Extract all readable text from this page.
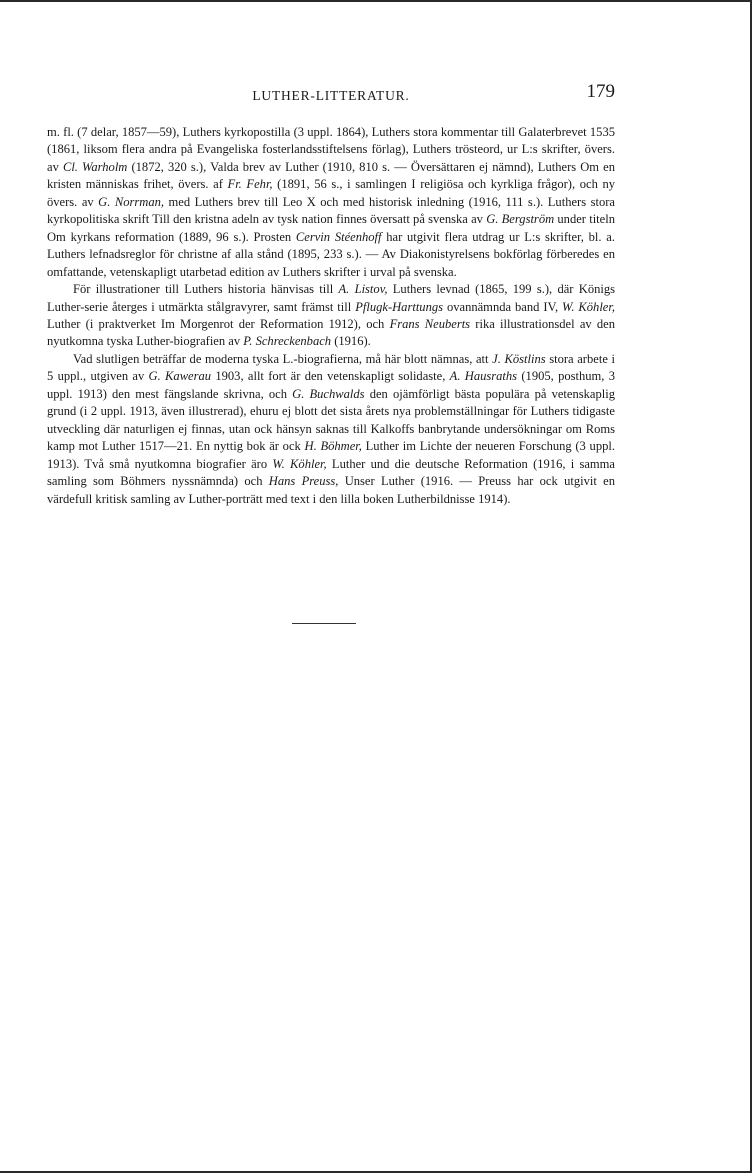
LUTHER-LITTERATUR.	179

m. fl. (7 delar, 1857—59), Luthers kyrkopostilla (3 uppl. 1864), Luthers stora kommentar till Galaterbrevet 1535 (1861, liksom flera andra på Evangeliska fosterlandsstiftelsens förlag), Luthers trösteord, ur L:s skrifter, övers. av Cl. Warholm (1872, 320 s.), Valda brev av Luther (1910, 810 s. — Översättaren ej nämnd), Luthers Om en kristen människas frihet, övers. af Fr. Fehr, (1891, 56 s., i samlingen I religiösa och kyrkliga frågor), och ny övers. av G. Norrman, med Luthers brev till Leo X och med historisk inledning (1916, 111 s.). Luthers stora kyrkopolitiska skrift Till den kristna adeln av tysk nation finnes översatt på svenska av G. Bergström under titeln Om kyrkans reformation (1889, 96 s.). Prosten Cervin Stéenhoff har utgivit flera utdrag ur L:s skrifter, bl. a. Luthers lefnadsreglor för christne af alla stånd (1895, 233 s.). — Av Diakonistyrelsens bokförlag förberedes en omfattande, vetenskapligt utarbetad edition av Luthers skrifter i urval på svenska.

För illustrationer till Luthers historia hänvisas till A. Listov, Luthers levnad (1865, 199 s.), där Königs Luther-serie återges i utmärkta stålgravyrer, samt främst till Pflugk-Harttungs ovannämnda band IV, W. Köhler, Luther (i praktverket Im Morgenrot der Reformation 1912), och Frans Neuberts rika illustrationsdel av den nyutkomna tyska Luther-biografien av P. Schreckenbach (1916).

Vad slutligen beträffar de moderna tyska L.-biografierna, må här blott nämnas, att J. Köstlins stora arbete i 5 uppl., utgiven av G. Kawerau 1903, allt fort är den vetenskapligt solidaste, A. Hausraths (1905, posthum, 3 uppl. 1913) den mest fängslande skrivna, och G. Buchwalds den ojämförligt bästa populära på vetenskaplig grund (i 2 uppl. 1913, även illustrerad), ehuru ej blott det sista årets nya problemställningar för Luthers tidigaste utveckling där naturligen ej finnas, utan ock hänsyn saknas till Kalkoffs banbrytande undersökningar om Roms kamp mot Luther 1517—21. En nyttig bok är ock H. Böhmer, Luther im Lichte der neueren Forschung (3 uppl. 1913). Två små nyutkomna biografier äro W. Köhler, Luther und die deutsche Reformation (1916, i samma samling som Böhmers nyssnämnda) och Hans Preuss, Unser Luther (1916. — Preuss har ock utgivit en värdefull kritisk samling av Luther-porträtt med text i den lilla boken Lutherbildnisse 1914).
